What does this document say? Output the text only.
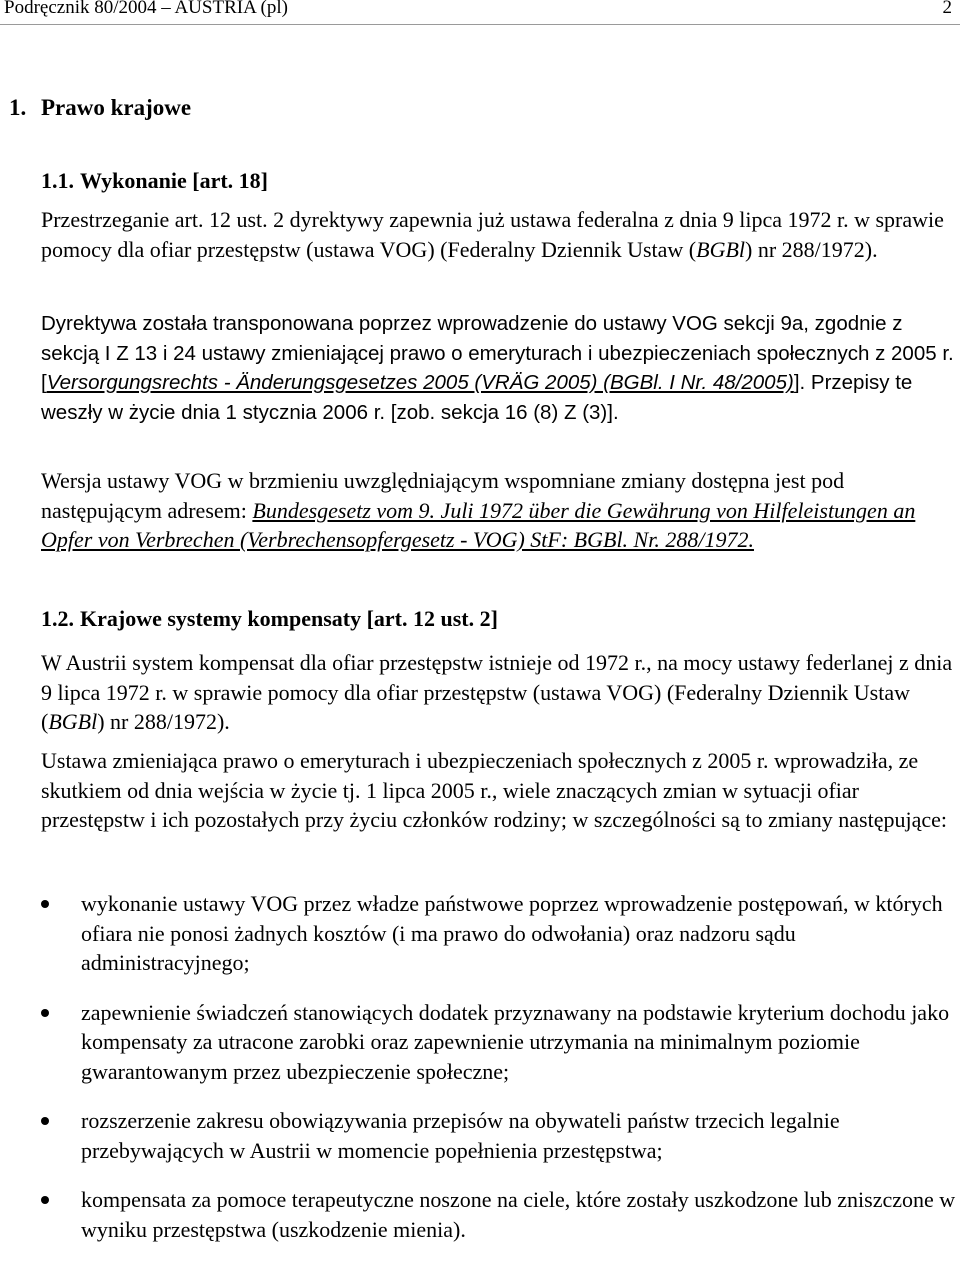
Podręcznik 80/2004 – AUSTRIA (pl)	2
1. Prawo krajowe
1.1. Wykonanie [art. 18]
Przestrzeganie art. 12 ust. 2 dyrektywy zapewnia już ustawa federalna z dnia 9 lipca 1972 r. w sprawie pomocy dla ofiar przestępstw (ustawa VOG) (Federalny Dziennik Ustaw (BGBl) nr 288/1972).
Dyrektywa została transponowana poprzez wprowadzenie do ustawy VOG sekcji 9a, zgodnie z sekcją I Z 13 i 24 ustawy zmieniającej prawo o emeryturach i ubezpieczeniach społecznych z 2005 r. [Versorgungsrechts - Änderungsgesetzes 2005 (VRÄG 2005) (BGBl. I Nr. 48/2005)]. Przepisy te weszły w życie dnia 1 stycznia 2006 r. [zob. sekcja 16 (8) Z (3)].
Wersja ustawy VOG w brzmieniu uwzględniającym wspomniane zmiany dostępna jest pod następującym adresem: Bundesgesetz vom 9. Juli 1972 über die Gewährung von Hilfeleistungen an Opfer von Verbrechen (Verbrechensopfergesetz - VOG) StF: BGBl. Nr. 288/1972.
1.2. Krajowe systemy kompensaty [art. 12 ust. 2]
W Austrii system kompensat dla ofiar przestępstw istnieje od 1972 r., na mocy ustawy federlanej z dnia 9 lipca 1972 r. w sprawie pomocy dla ofiar przestępstw (ustawa VOG) (Federalny Dziennik Ustaw (BGBl) nr 288/1972).
Ustawa zmieniająca prawo o emeryturach i ubezpieczeniach społecznych z 2005 r. wprowadziła, ze skutkiem od dnia wejścia w życie tj. 1 lipca 2005 r., wiele znaczących zmian w sytuacji ofiar przestępstw i ich pozostałych przy życiu członków rodziny; w szczególności są to zmiany następujące:
wykonanie ustawy VOG przez władze państwowe poprzez wprowadzenie postępowań, w których ofiara nie ponosi żadnych kosztów (i ma prawo do odwołania) oraz nadzoru sądu administracyjnego;
zapewnienie świadczeń stanowiących dodatek przyznawany na podstawie kryterium dochodu jako kompensaty za utracone zarobki oraz zapewnienie utrzymania na minimalnym poziomie gwarantowanym przez ubezpieczenie społeczne;
rozszerzenie zakresu obowiązywania przepisów na obywateli państw trzecich legalnie przebywających w Austrii w momencie popełnienia przestępstwa;
kompensata za pomoce terapeutyczne noszone na ciele, które zostały uszkodzone lub zniszczone w wyniku przestępstwa (uszkodzenie mienia).
